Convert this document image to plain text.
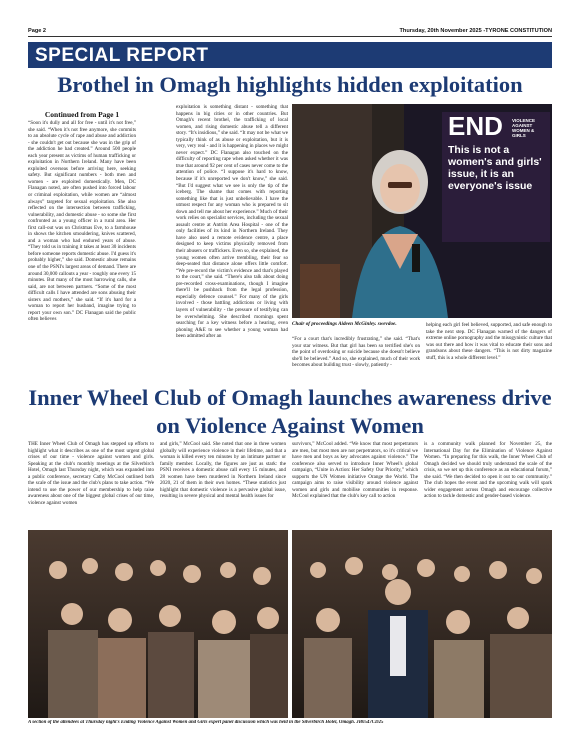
Page 2	Thursday, 20th November 2025 -TYRONE CONSTITUTION
SPECIAL REPORT
Brothel in Omagh highlights hidden exploitation

Continued from Page 1

“Soon it's dully and all for free - until it's not free,” she said. “When it's not free anymore, she commits to an absolute cycle of rape and abuse and addiction - she couldn't get out because she was in the grip of the addiction he had created.” Around 500 people each year present as victims of human trafficking or exploitation in Northern Ireland. Many have been exploited overseas before arriving here, seeking safety. But significant numbers - both men and women - are exploited domestically. Men, DC Flanagan noted, are often pushed into forced labour or criminal exploitation, while women are “almost always” targeted for sexual exploitation. She also reflected on the intersection between trafficking, vulnerability, and domestic abuse - so some she first confronted as a young officer in a rural area. Her first call-out was on Christmas Eve, to a farmhouse in shows the kitchen smouldering, knives scattered, and a woman who had endured years of abuse. “They told us in training it takes at least 30 incidents before someone reports domestic abuse. I'd guess it's probably higher,” she said. Domestic abuse remains one of the PSNI's largest areas of demand. There are around 30,000 callouts a year - roughly one every 15 minutes. But many of the most harrowing calls, she said, are not between partners. “Some of the most difficult calls I have attended are sons abusing their sisters and mothers,” she said. “If it's hard for a woman to report her husband, imagine trying to report your own son.” DC Flanagan said the public often believes

exploitation is something distant - something that happens in big cities or in other countries. But Omagh's recent brothel, the trafficking of local women, and rising domestic abuse tell a different story. “It's insidious,” she said. “It may not be what we typically think of as abuse or exploitation, but it is very, very real - and it is happening in places we might never expect.” DC Flanagan also touched on the difficulty of reporting rape when asked whether it was true that around 92 per cent of cases never come to the attention of police. “I suppose it's hard to know, because if it's unreported we don't know,” she said. “But I'd suggest what we see is only the tip of the iceberg. The shame that comes with reporting something like that is just unbelievable. I have the utmost respect for any woman who is prepared to sit down and tell me about her experience.” Much of their work relies on specialist services, including the sexual assault centre at Antrim Area Hospital - one of the only facilities of its kind in Northern Ireland. They have also used a remote evidence centre, a place designed to keep victims physically removed from their abusers or traffickers. Even so, she explained, the young women often arrive trembling, their fear so deep-seated that distance alone offers little comfort. “We pre-record the victim's evidence and that's played to the court,” she said. “There's also talk about doing pre-recorded cross-examinations, though I imagine there'll be pushback from the legal profession, especially defence counsel.” For many of the girls involved - those battling addictions or living with layers of vulnerability - the pressure of testifying can be overwhelming. She described mornings spent searching for a key witness before a hearing, even phoning A&E to see whether a young woman had been admitted after an

END	VIOLENCE AGAINST WOMEN & GIRLS
This is not a women's and girls' issue, it is an everyone's issue
Chair of proceedings Aideen McGinley. swevdoe.

“For a court that's incredibly frustrating,” she said. “That's your star witness. But that girl has been so terrified she's on the point of overdosing or suicide because she doesn't believe she'll be believed.” And so, she explained, much of their work becomes about building trust - slowly, patiently -

helping each girl feel believed, supported, and safe enough to take the next step. DC Flanagan warned of the dangers of extreme online pornography and the misogynistic culture that was out there and how it was vital to educate their sons and grandsons about these dangers. “This is not dirty magazine stuff, this is a whole different level.”

Inner Wheel Club of Omagh launches awareness drive on Violence Against Women

THE Inner Wheel Club of Omagh has stepped up efforts to highlight what it describes as one of the most urgent global crises of our time - violence against women and girls. Speaking at the club's monthly meetings at the Silverbirch Hotel, Omagh last Thursday night, which was expanded into a public conference, secretary Cathy McCool outlined both the scale of the issue and the club's plans to take action. “We intend to use the power of our membership to help raise awareness about one of the biggest global crises of our time, violence against women

and girls,” McCool said. She noted that one in three women globally will experience violence in their lifetime, and that a woman is killed every ten minutes by an intimate partner or family member. Locally, the figures are just as stark: the PSNI receives a domestic abuse call every 15 minutes, and 28 women have been murdered in Northern Ireland since 2020, 21 of them in their own homes. “These statistics just highlight that domestic violence is a pervasive global issue, resulting in severe physical and mental health issues for

survivors,” McCool added. “We know that most perpetrators are men, but most men are not perpetrators, so it's critical we have men and boys as key advocates against violence.” The conference also served to introduce Inner Wheel's global campaign, “Unite in Action: Her Safety Our Priority,” which supports the UN Women initiative Orange the World. The campaign aims to raise visibility around violence against women and girls and mobilise communities in response. McCool explained that the club's key call to action

is a community walk planned for November 25, the International Day for the Elimination of Violence Against Women. “In preparing for this walk, the Inner Wheel Club of Omagh decided we should truly understand the scale of the crisis, so we set up this conference as an educational forum,” she said. “We then decided to open it out to our community.” The club hopes the event and the upcoming walk will spark wider engagement across Omagh and encourage collective action to tackle domestic and gender-based violence.

A section of the attendees at Thursday night's Ending Violence Against Women and Girls expert panel discussion which was held in the Silverbirch Hotel, Omagh. JB0547CD25
